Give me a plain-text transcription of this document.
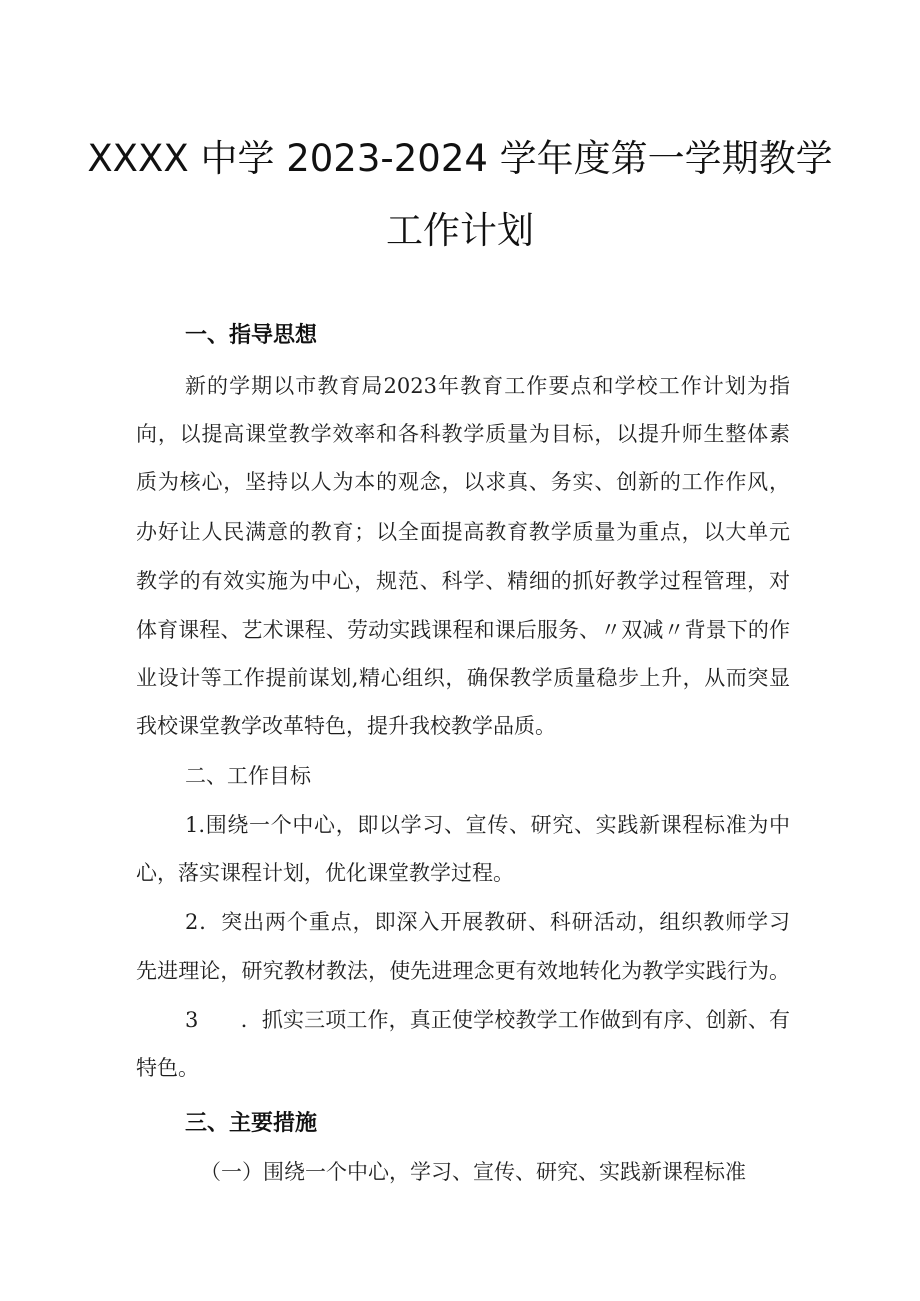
XXXX 中学 2023-2024 学年度第一学期教学
工作计划
一、指导思想
新的学期以市教育局2023年教育工作要点和学校工作计划为指
向，以提高课堂教学效率和各科教学质量为目标，以提升师生整体素
质为核心，坚持以人为本的观念，以求真、务实、创新的工作作风，
办好让人民满意的教育；以全面提高教育教学质量为重点，以大单元
教学的有效实施为中心，规范、科学、精细的抓好教学过程管理，对
体育课程、艺术课程、劳动实践课程和课后服务、〃双减〃背景下的作
业设计等工作提前谋划,精心组织，确保教学质量稳步上升，从而突显
我校课堂教学改革特色，提升我校教学品质。
二、工作目标
1.围绕一个中心，即以学习、宣传、研究、实践新课程标准为中
心，落实课程计划，优化课堂教学过程。
2．突出两个重点，即深入开展教研、科研活动，组织教师学习
先进理论，研究教材教法，使先进理念更有效地转化为教学实践行为。
3　　．抓实三项工作，真正使学校教学工作做到有序、创新、有
特色。
三、主要措施
（一）围绕一个中心，学习、宣传、研究、实践新课程标准
